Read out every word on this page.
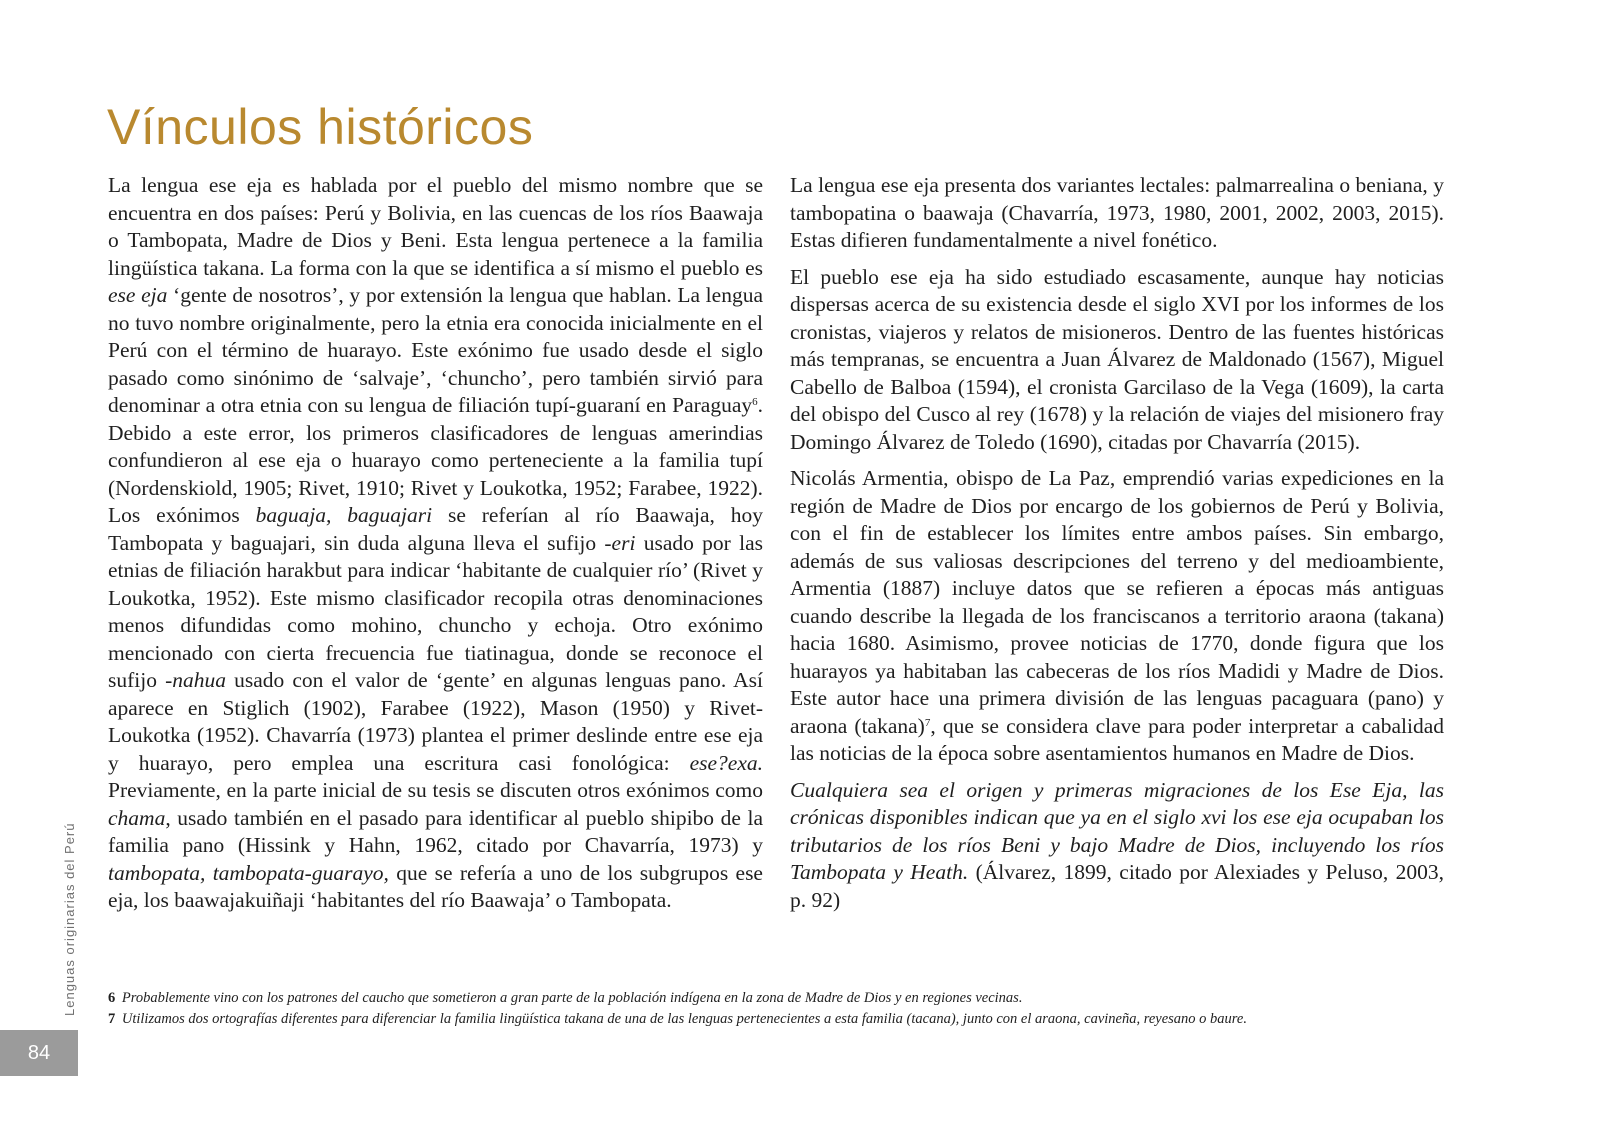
Vínculos históricos

La lengua ese eja es hablada por el pueblo del mismo nombre que se encuentra en dos países: Perú y Bolivia, en las cuencas de los ríos Baawaja o Tambopata, Madre de Dios y Beni. Esta lengua pertenece a la familia lingüística takana. La forma con la que se identifica a sí mismo el pueblo es ese eja ‘gente de nosotros’, y por extensión la lengua que hablan. La lengua no tuvo nombre originalmente, pero la etnia era conocida inicialmente en el Perú con el término de huarayo. Este exónimo fue usado desde el siglo pasado como sinónimo de ‘salvaje’, ‘chuncho’, pero también sirvió para denominar a otra etnia con su lengua de filiación tupí-guaraní en Paraguay$^6$. Debido a este error, los primeros clasificadores de lenguas amerindias confundieron al ese eja o huarayo como perteneciente a la familia tupí (Nordenskiold, 1905; Rivet, 1910; Rivet y Loukotka, 1952; Farabee, 1922). Los exónimos baguaja, baguajari se referían al río Baawaja, hoy Tambopata y baguajari, sin duda alguna lleva el sufijo -eri usado por las etnias de filiación harakbut para indicar ‘habitante de cualquier río’ (Rivet y Loukotka, 1952). Este mismo clasificador recopila otras denominaciones menos difundidas como mohino, chuncho y echoja. Otro exónimo mencionado con cierta frecuencia fue tiatinagua, donde se reconoce el sufijo -nahua usado con el valor de ‘gente’ en algunas lenguas pano. Así aparece en Stiglich (1902), Farabee (1922), Mason (1950) y Rivet-Loukotka (1952). Chavarría (1973) plantea el primer deslinde entre ese eja y huarayo, pero emplea una escritura casi fonológica: ese?exa. Previamente, en la parte inicial de su tesis se discuten otros exónimos como chama, usado también en el pasado para identificar al pueblo shipibo de la familia pano (Hissink y Hahn, 1962, citado por Chavarría, 1973) y tambopata, tambopata-guarayo, que se refería a uno de los subgrupos ese eja, los baawajakuiñaji ‘habitantes del río Baawaja’ o Tambopata.

La lengua ese eja presenta dos variantes lectales: palmarrealina o beniana, y tambopatina o baawaja (Chavarría, 1973, 1980, 2001, 2002, 2003, 2015). Estas difieren fundamentalmente a nivel fonético.

El pueblo ese eja ha sido estudiado escasamente, aunque hay noticias dispersas acerca de su existencia desde el siglo XVI por los informes de los cronistas, viajeros y relatos de misioneros. Dentro de las fuentes históricas más tempranas, se encuentra a Juan Álvarez de Maldonado (1567), Miguel Cabello de Balboa (1594), el cronista Garcilaso de la Vega (1609), la carta del obispo del Cusco al rey (1678) y la relación de viajes del misionero fray Domingo Álvarez de Toledo (1690), citadas por Chavarría (2015).

Nicolás Armentia, obispo de La Paz, emprendió varias expediciones en la región de Madre de Dios por encargo de los gobiernos de Perú y Bolivia, con el fin de establecer los límites entre ambos países. Sin embargo, además de sus valiosas descripciones del terreno y del medioambiente, Armentia (1887) incluye datos que se refieren a épocas más antiguas cuando describe la llegada de los franciscanos a territorio araona (takana) hacia 1680. Asimismo, provee noticias de 1770, donde figura que los huarayos ya habitaban las cabeceras de los ríos Madidi y Madre de Dios. Este autor hace una primera división de las lenguas pacaguara (pano) y araona (takana)$^7$, que se considera clave para poder interpretar a cabalidad las noticias de la época sobre asentamientos humanos en Madre de Dios.

Cualquiera sea el origen y primeras migraciones de los Ese Eja, las crónicas disponibles indican que ya en el siglo xvi los ese eja ocupaban los tributarios de los ríos Beni y bajo Madre de Dios, incluyendo los ríos Tambopata y Heath. (Álvarez, 1899, citado por Alexiades y Peluso, 2003, p. 92)

6 Probablemente vino con los patrones del caucho que sometieron a gran parte de la población indígena en la zona de Madre de Dios y en regiones vecinas.
7 Utilizamos dos ortografías diferentes para diferenciar la familia lingüística takana de una de las lenguas pertenecientes a esta familia (tacana), junto con el araona, cavineña, reyesano o baure.
Lenguas originarias del Perú
84
